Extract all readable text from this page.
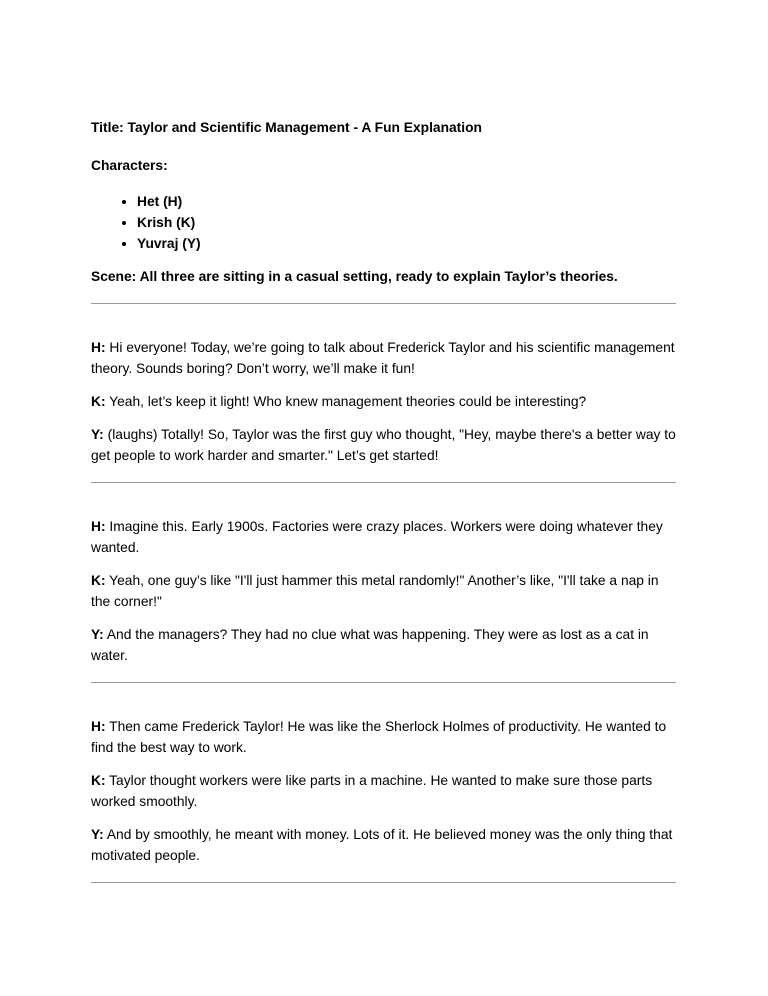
Title: Taylor and Scientific Management - A Fun Explanation

Characters:

• Het (H)
• Krish (K)
• Yuvraj (Y)

Scene: All three are sitting in a casual setting, ready to explain Taylor’s theories.

H: Hi everyone! Today, we’re going to talk about Frederick Taylor and his scientific management theory. Sounds boring? Don’t worry, we’ll make it fun!

K: Yeah, let’s keep it light! Who knew management theories could be interesting?

Y: (laughs) Totally! So, Taylor was the first guy who thought, "Hey, maybe there's a better way to get people to work harder and smarter." Let’s get started!

H: Imagine this. Early 1900s. Factories were crazy places. Workers were doing whatever they wanted.

K: Yeah, one guy’s like "I'll just hammer this metal randomly!" Another’s like, "I'll take a nap in the corner!"

Y: And the managers? They had no clue what was happening. They were as lost as a cat in water.

H: Then came Frederick Taylor! He was like the Sherlock Holmes of productivity. He wanted to find the best way to work.

K: Taylor thought workers were like parts in a machine. He wanted to make sure those parts worked smoothly.

Y: And by smoothly, he meant with money. Lots of it. He believed money was the only thing that motivated people.
